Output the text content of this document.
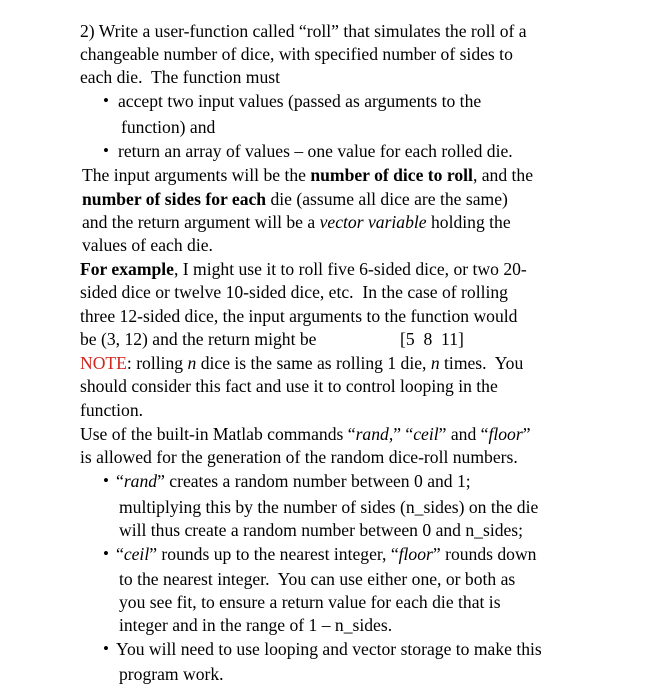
2) Write a user-function called “roll” that simulates the roll of a
changeable number of dice, with specified number of sides to
each die.  The function must
• accept two input values (passed as arguments to the
function) and
• return an array of values – one value for each rolled die.
The input arguments will be the number of dice to roll, and the
number of sides for each die (assume all dice are the same)
and the return argument will be a vector variable holding the
values of each die.
For example, I might use it to roll five 6-sided dice, or two 20-
sided dice or twelve 10-sided dice, etc.  In the case of rolling
three 12-sided dice, the input arguments to the function would
be (3, 12) and the return might be	[5  8  11]
NOTE: rolling n dice is the same as rolling 1 die, n times.  You
should consider this fact and use it to control looping in the
function.
Use of the built-in Matlab commands “rand,” “ceil” and “floor”
is allowed for the generation of the random dice-roll numbers.
• “rand” creates a random number between 0 and 1;
multiplying this by the number of sides (n_sides) on the die
will thus create a random number between 0 and n_sides;
• “ceil” rounds up to the nearest integer, “floor” rounds down
to the nearest integer.  You can use either one, or both as
you see fit, to ensure a return value for each die that is
integer and in the range of 1 – n_sides.
• You will need to use looping and vector storage to make this
program work.
